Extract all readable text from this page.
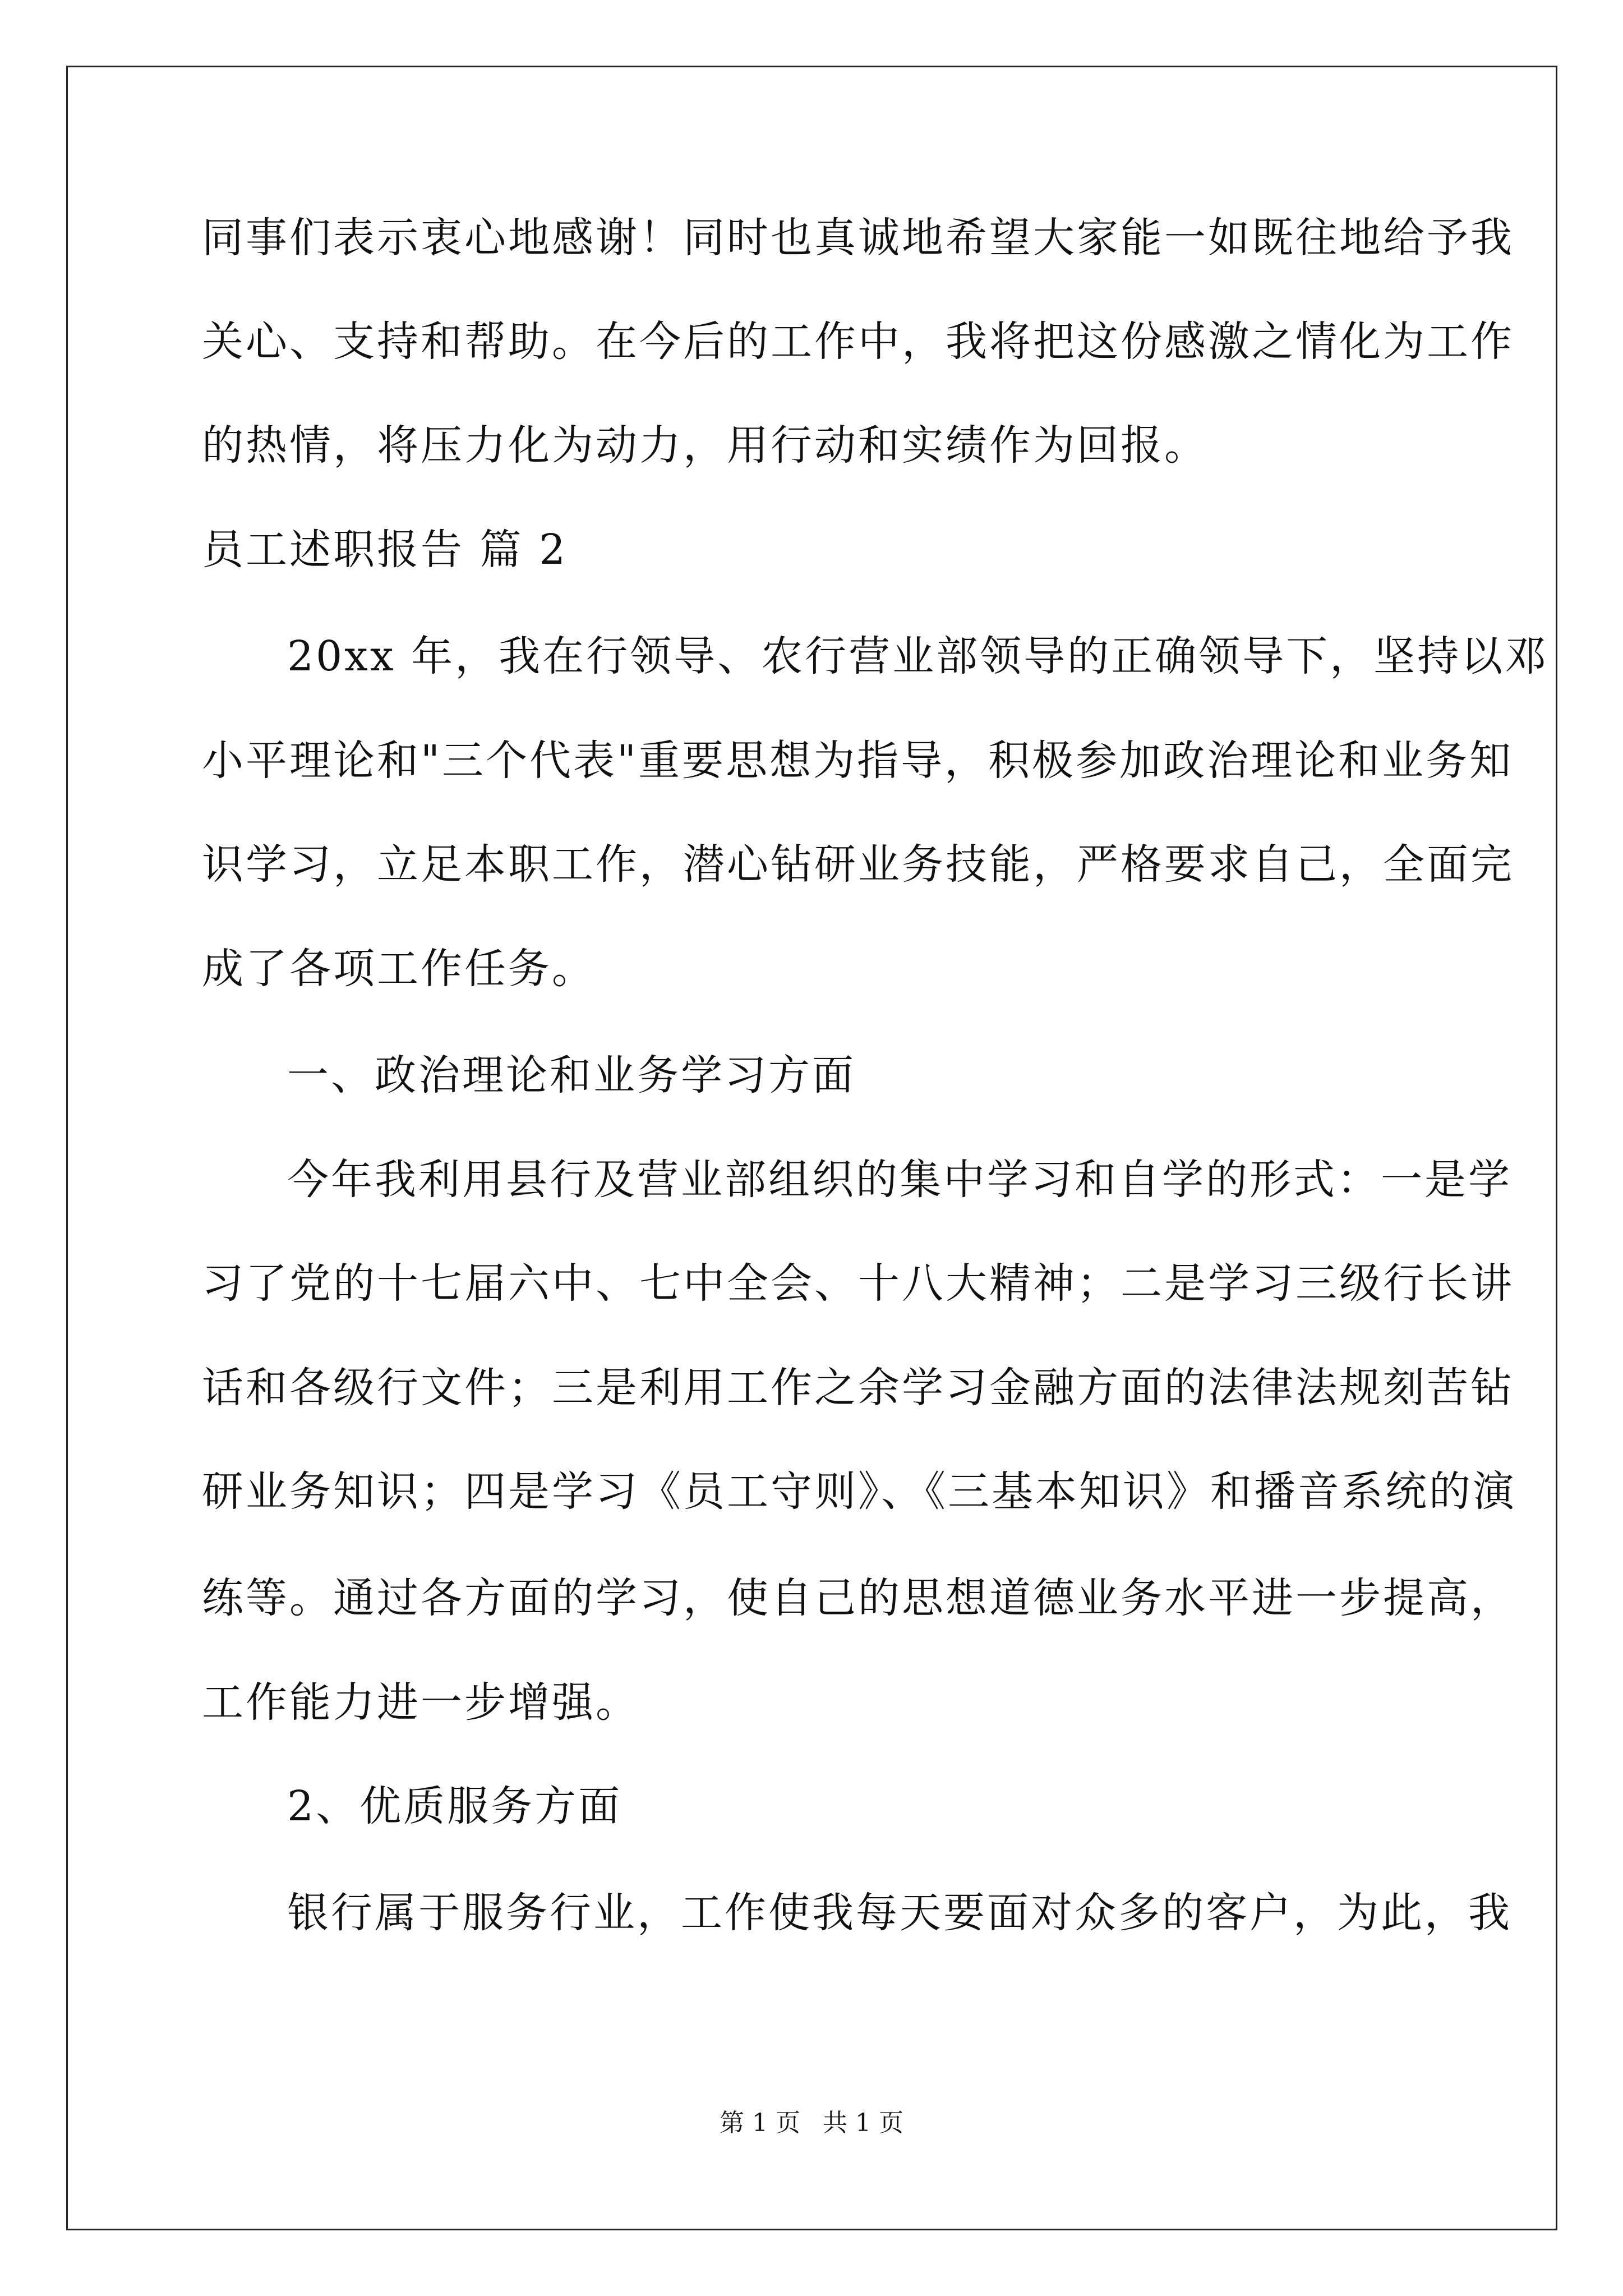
同事们表示衷心地感谢！同时也真诚地希望大家能一如既往地给予我
关心、支持和帮助。在今后的工作中，我将把这份感激之情化为工作
的热情，将压力化为动力，用行动和实绩作为回报。
员工述职报告 篇 2
20xx 年，我在行领导、农行营业部领导的正确领导下，坚持以邓
小平理论和"三个代表"重要思想为指导，积极参加政治理论和业务知
识学习，立足本职工作，潜心钻研业务技能，严格要求自己，全面完
成了各项工作任务。
一、政治理论和业务学习方面
今年我利用县行及营业部组织的集中学习和自学的形式：一是学
习了党的十七届六中、七中全会、十八大精神；二是学习三级行长讲
话和各级行文件；三是利用工作之余学习金融方面的法律法规刻苦钻
研业务知识；四是学习《员工守则》、《三基本知识》和播音系统的演
练等。通过各方面的学习，使自己的思想道德业务水平进一步提高，
工作能力进一步增强。
2、优质服务方面
银行属于服务行业，工作使我每天要面对众多的客户，为此，我
第 1 页 共 1 页
